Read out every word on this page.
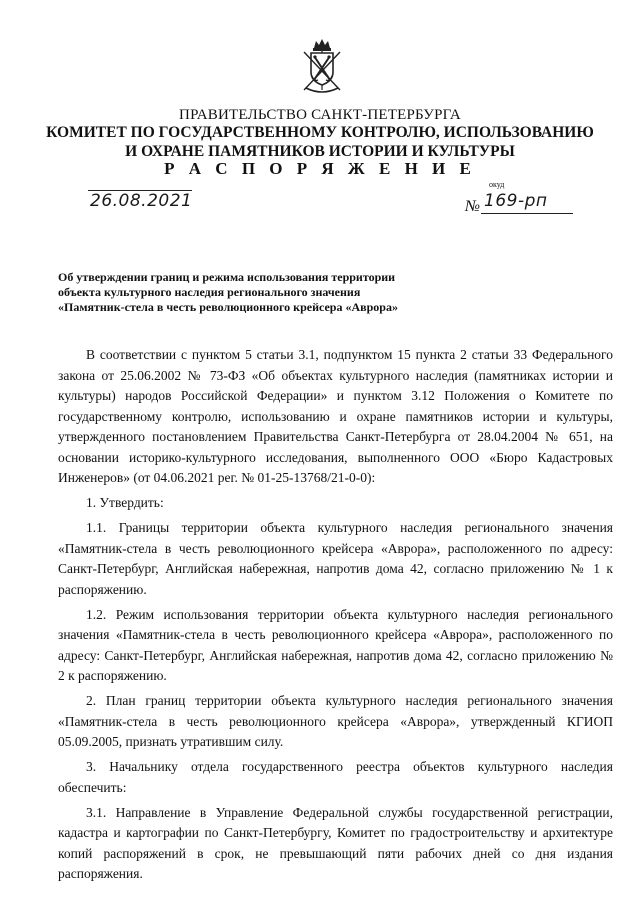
ПРАВИТЕЛЬСТВО САНКТ-ПЕТЕРБУРГА
КОМИТЕТ ПО ГОСУДАРСТВЕННОМУ КОНТРОЛЮ, ИСПОЛЬЗОВАНИЮ
И ОХРАНЕ ПАМЯТНИКОВ ИСТОРИИ И КУЛЬТУРЫ
Р А С П О Р Я Ж Е Н И Е
26.08.2021
окуд
№ 169-рп
Об утверждении границ и режима использования территории
объекта культурного наследия регионального значения
«Памятник-стела в честь революционного крейсера «Аврора»

В соответствии с пунктом 5 статьи 3.1, подпунктом 15 пункта 2 статьи 33 Федерального закона от 25.06.2002 № 73-ФЗ «Об объектах культурного наследия (памятниках истории и культуры) народов Российской Федерации» и пунктом 3.12 Положения о Комитете по государственному контролю, использованию и охране памятников истории и культуры, утвержденного постановлением Правительства Санкт-Петербурга от 28.04.2004 № 651, на основании историко-культурного исследования, выполненного ООО «Бюро Кадастровых Инженеров» (от 04.06.2021 рег. № 01-25-13768/21-0-0):

1. Утвердить:

1.1. Границы территории объекта культурного наследия регионального значения «Памятник-стела в честь революционного крейсера «Аврора», расположенного по адресу: Санкт-Петербург, Английская набережная, напротив дома 42, согласно приложению № 1 к распоряжению.

1.2. Режим использования территории объекта культурного наследия регионального значения «Памятник-стела в честь революционного крейсера «Аврора», расположенного по адресу: Санкт-Петербург, Английская набережная, напротив дома 42, согласно приложению № 2 к распоряжению.

2. План границ территории объекта культурного наследия регионального значения «Памятник-стела в честь революционного крейсера «Аврора», утвержденный КГИОП 05.09.2005, признать утратившим силу.

3. Начальнику отдела государственного реестра объектов культурного наследия обеспечить:

3.1. Направление в Управление Федеральной службы государственной регистрации, кадастра и картографии по Санкт-Петербургу, Комитет по градостроительству и архитектуре копий распоряжений в срок, не превышающий пяти рабочих дней со дня издания распоряжения.
